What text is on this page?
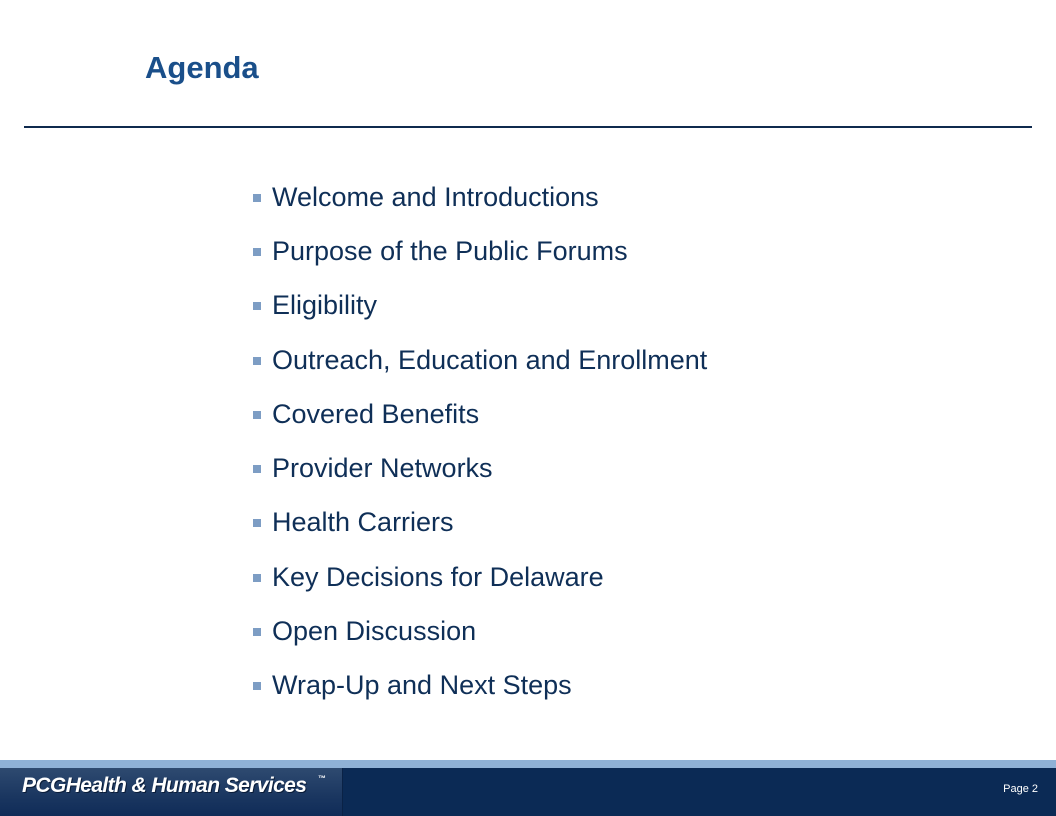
Agenda
Welcome and Introductions
Purpose of the Public Forums
Eligibility
Outreach, Education and Enrollment
Covered Benefits
Provider Networks
Health Carriers
Key Decisions for Delaware
Open Discussion
Wrap-Up and Next Steps
PCGHealth & Human Services ™
Page 2
